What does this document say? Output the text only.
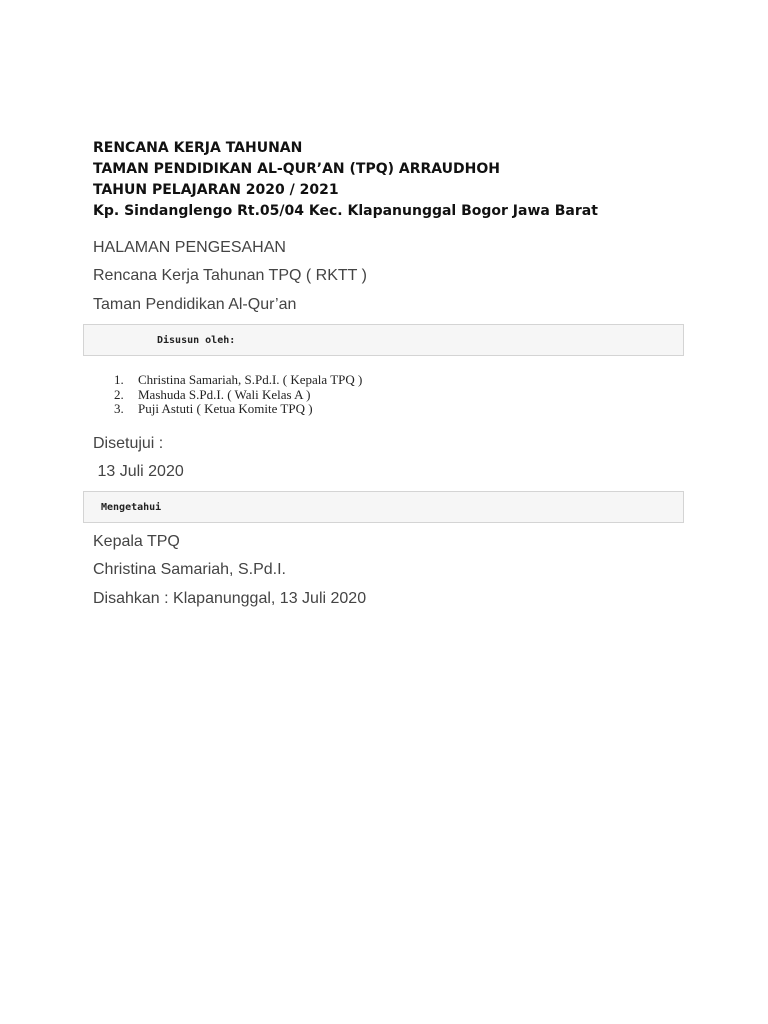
RENCANA KERJA TAHUNAN
TAMAN PENDIDIKAN AL-QUR’AN (TPQ) ARRAUDHOH
TAHUN PELAJARAN 2020 / 2021
Kp. Sindanglengo Rt.05/04 Kec. Klapanunggal Bogor Jawa Barat
HALAMAN PENGESAHAN
Rencana Kerja Tahunan TPQ ( RKTT )
Taman Pendidikan Al-Qur’an
Disusun oleh:
1. Christina Samariah, S.Pd.I. ( Kepala TPQ )
2. Mashuda S.Pd.I. ( Wali Kelas A )
3. Puji Astuti ( Ketua Komite TPQ )
Disetujui :
13 Juli 2020
Mengetahui
Kepala TPQ
Christina Samariah, S.Pd.I.
Disahkan : Klapanunggal, 13 Juli 2020
